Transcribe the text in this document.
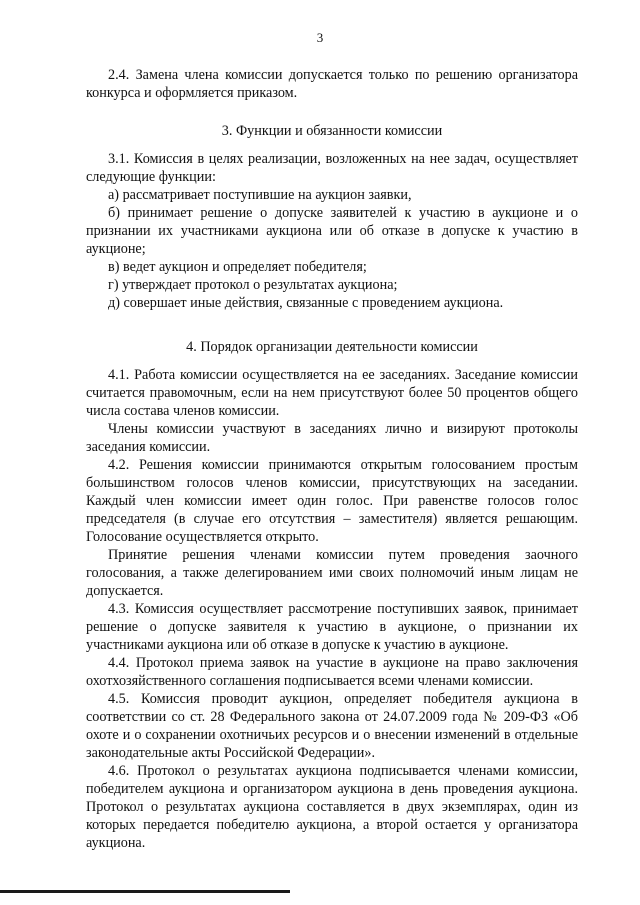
3

2.4. Замена члена комиссии допускается только по решению организатора конкурса и оформляется приказом.

3. Функции и обязанности комиссии

3.1. Комиссия в целях реализации, возложенных на нее задач, осуществляет следующие функции:

а) рассматривает поступившие на аукцион заявки,

б) принимает решение о допуске заявителей к участию в аукционе и о признании их участниками аукциона или об отказе в допуске к участию в аукционе;

в) ведет аукцион и определяет победителя;

г) утверждает протокол о результатах аукциона;

д) совершает иные действия, связанные с проведением аукциона.

4. Порядок организации деятельности комиссии

4.1. Работа комиссии осуществляется на ее заседаниях. Заседание комиссии считается правомочным, если на нем присутствуют более 50 процентов общего числа состава членов комиссии.

Члены комиссии участвуют в заседаниях лично и визируют протоколы заседания комиссии.

4.2. Решения комиссии принимаются открытым голосованием простым большинством голосов членов комиссии, присутствующих на заседании. Каждый член комиссии имеет один голос. При равенстве голосов голос председателя (в случае его отсутствия – заместителя) является решающим. Голосование осуществляется открыто.

Принятие решения членами комиссии путем проведения заочного голосования, а также делегированием ими своих полномочий иным лицам не допускается.

4.3. Комиссия осуществляет рассмотрение поступивших заявок, принимает решение о допуске заявителя к участию в аукционе, о признании их участниками аукциона или об отказе в допуске к участию в аукционе.

4.4. Протокол приема заявок на участие в аукционе на право заключения охотхозяйственного соглашения подписывается всеми членами комиссии.

4.5. Комиссия проводит аукцион, определяет победителя аукциона в соответствии со ст. 28 Федерального закона от 24.07.2009 года № 209-ФЗ «Об охоте и о сохранении охотничьих ресурсов и о внесении изменений в отдельные законодательные акты Российской Федерации».

4.6. Протокол о результатах аукциона подписывается членами комиссии, победителем аукциона и организатором аукциона в день проведения аукциона. Протокол о результатах аукциона составляется в двух экземплярах, один из которых передается победителю аукциона, а второй остается у организатора аукциона.
